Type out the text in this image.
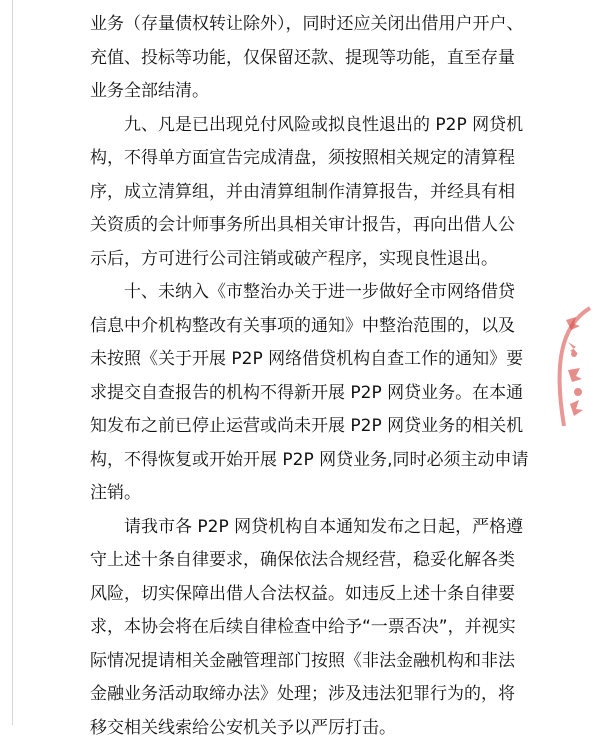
业务（存量债权转让除外），同时还应关闭出借用户开户、
充值、投标等功能，仅保留还款、提现等功能，直至存量
业务全部结清。
九、凡是已出现兑付风险或拟良性退出的 P2P 网贷机
构，不得单方面宣告完成清盘，须按照相关规定的清算程
序，成立清算组，并由清算组制作清算报告，并经具有相
关资质的会计师事务所出具相关审计报告，再向出借人公
示后，方可进行公司注销或破产程序，实现良性退出。
十、未纳入《市整治办关于进一步做好全市网络借贷
信息中介机构整改有关事项的通知》中整治范围的，以及
未按照《关于开展 P2P 网络借贷机构自查工作的通知》要
求提交自查报告的机构不得新开展 P2P 网贷业务。在本通
知发布之前已停止运营或尚未开展 P2P 网贷业务的相关机
构，不得恢复或开始开展 P2P 网贷业务,同时必须主动申请
注销。
请我市各 P2P 网贷机构自本通知发布之日起，严格遵
守上述十条自律要求，确保依法合规经营，稳妥化解各类
风险，切实保障出借人合法权益。如违反上述十条自律要
求，本协会将在后续自律检查中给予“一票否决”，并视实
际情况提请相关金融管理部门按照《非法金融机构和非法
金融业务活动取缔办法》处理；涉及违法犯罪行为的，将
移交相关线索给公安机关予以严厉打击。
